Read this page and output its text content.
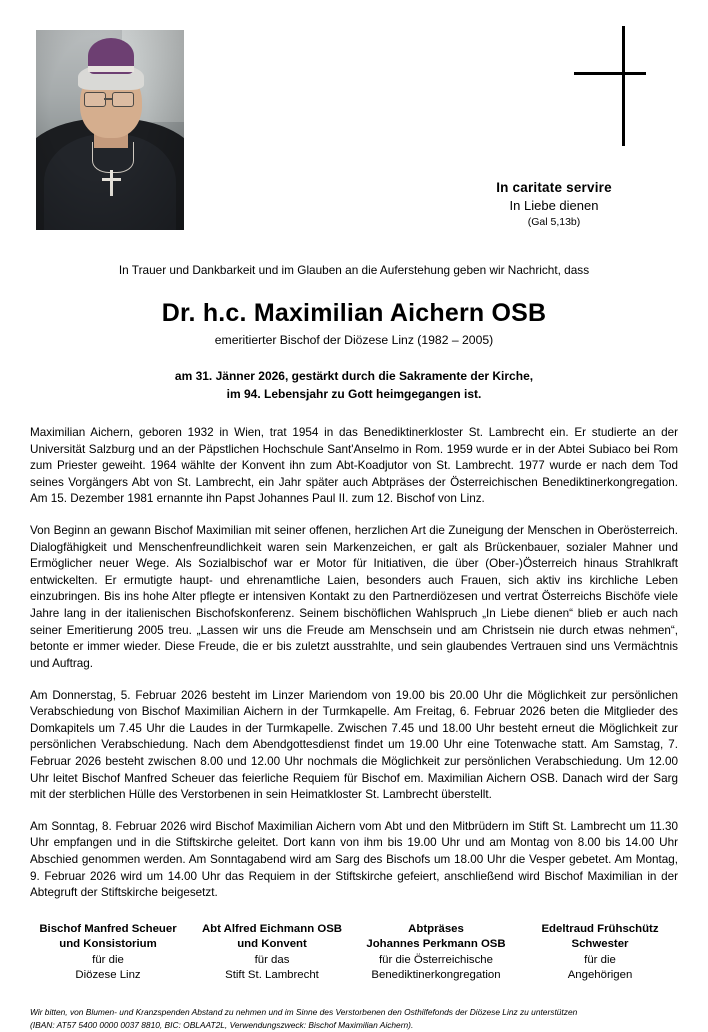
In caritate servire
In Liebe dienen
(Gal 5,13b)
In Trauer und Dankbarkeit und im Glauben an die Auferstehung geben wir Nachricht, dass
Dr. h.c. Maximilian Aichern OSB
emeritierter Bischof der Diözese Linz (1982 – 2005)
am 31. Jänner 2026, gestärkt durch die Sakramente der Kirche,
im 94. Lebensjahr zu Gott heimgegangen ist.

Maximilian Aichern, geboren 1932 in Wien, trat 1954 in das Benediktinerkloster St. Lambrecht ein. Er studierte an der Universität Salzburg und an der Päpstlichen Hochschule Sant'Anselmo in Rom. 1959 wurde er in der Abtei Subiaco bei Rom zum Priester geweiht. 1964 wählte der Konvent ihn zum Abt-Koadjutor von St. Lambrecht. 1977 wurde er nach dem Tod seines Vorgängers Abt von St. Lambrecht, ein Jahr später auch Abtpräses der Österreichischen Benediktinerkongregation. Am 15. Dezember 1981 ernannte ihn Papst Johannes Paul II. zum 12. Bischof von Linz.

Von Beginn an gewann Bischof Maximilian mit seiner offenen, herzlichen Art die Zuneigung der Menschen in Oberösterreich. Dialogfähigkeit und Menschenfreundlichkeit waren sein Markenzeichen, er galt als Brückenbauer, sozialer Mahner und Ermöglicher neuer Wege. Als Sozialbischof war er Motor für Initiativen, die über (Ober-)Österreich hinaus Strahlkraft entwickelten. Er ermutigte haupt- und ehrenamtliche Laien, besonders auch Frauen, sich aktiv ins kirchliche Leben einzubringen. Bis ins hohe Alter pflegte er intensiven Kontakt zu den Partnerdiözesen und vertrat Österreichs Bischöfe viele Jahre lang in der italienischen Bischofskonferenz. Seinem bischöflichen Wahlspruch „In Liebe dienen“ blieb er auch nach seiner Emeritierung 2005 treu. „Lassen wir uns die Freude am Menschsein und am Christsein nie durch etwas nehmen“, betonte er immer wieder. Diese Freude, die er bis zuletzt ausstrahlte, und sein glaubendes Vertrauen sind uns Vermächtnis und Auftrag.

Am Donnerstag, 5. Februar 2026 besteht im Linzer Mariendom von 19.00 bis 20.00 Uhr die Möglichkeit zur persönlichen Verabschiedung von Bischof Maximilian Aichern in der Turmkapelle. Am Freitag, 6. Februar 2026 beten die Mitglieder des Domkapitels um 7.45 Uhr die Laudes in der Turmkapelle. Zwischen 7.45 und 18.00 Uhr besteht erneut die Möglichkeit zur persönlichen Verabschiedung. Nach dem Abendgottesdienst findet um 19.00 Uhr eine Totenwache statt. Am Samstag, 7. Februar 2026 besteht zwischen 8.00 und 12.00 Uhr nochmals die Möglichkeit zur persönlichen Verabschiedung. Um 12.00 Uhr leitet Bischof Manfred Scheuer das feierliche Requiem für Bischof em. Maximilian Aichern OSB. Danach wird der Sarg mit der sterblichen Hülle des Verstorbenen in sein Heimatkloster St. Lambrecht überstellt.

Am Sonntag, 8. Februar 2026 wird Bischof Maximilian Aichern vom Abt und den Mitbrüdern im Stift St. Lambrecht um 11.30 Uhr empfangen und in die Stiftskirche geleitet. Dort kann von ihm bis 19.00 Uhr und am Montag von 8.00 bis 14.00 Uhr Abschied genommen werden. Am Sonntagabend wird am Sarg des Bischofs um 18.00 Uhr die Vesper gebetet. Am Montag, 9. Februar 2026 wird um 14.00 Uhr das Requiem in der Stiftskirche gefeiert, anschließend wird Bischof Maximilian in der Abtegruft der Stiftskirche beigesetzt.

Bischof Manfred Scheuer
und Konsistorium
für die
Diözese Linz
Abt Alfred Eichmann OSB
und Konvent
für das
Stift St. Lambrecht
Abtpräses
Johannes Perkmann OSB
für die Österreichische
Benediktinerkongregation
Edeltraud Frühschütz
Schwester
für die
Angehörigen
Wir bitten, von Blumen- und Kranzspenden Abstand zu nehmen und im Sinne des Verstorbenen den Osthilfefonds der Diözese Linz zu unterstützen
(IBAN: AT57 5400 0000 0037 8810, BIC: OBLAAT2L, Verwendungszweck: Bischof Maximilian Aichern).
